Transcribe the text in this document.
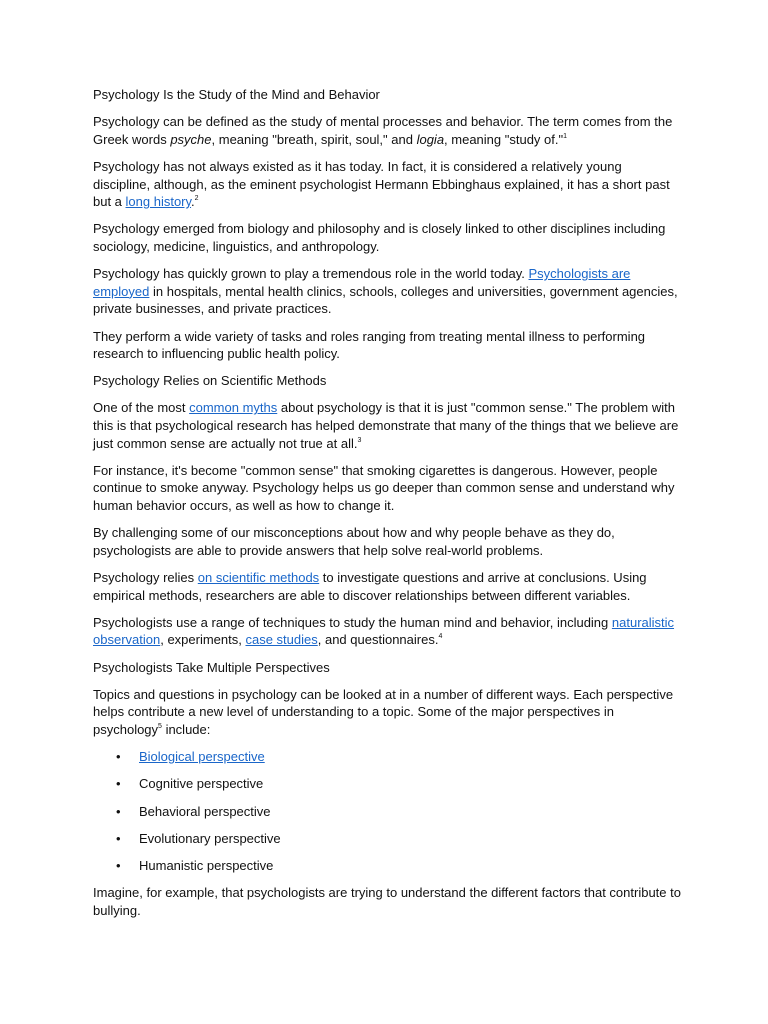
Psychology Is the Study of the Mind and Behavior

Psychology can be defined as the study of mental processes and behavior. The term comes from the Greek words psyche, meaning "breath, spirit, soul," and logia, meaning "study of."$^1$

Psychology has not always existed as it has today. In fact, it is considered a relatively young discipline, although, as the eminent psychologist Hermann Ebbinghaus explained, it has a short past but a long history.$^2$

Psychology emerged from biology and philosophy and is closely linked to other disciplines including sociology, medicine, linguistics, and anthropology.

Psychology has quickly grown to play a tremendous role in the world today. Psychologists are employed in hospitals, mental health clinics, schools, colleges and universities, government agencies, private businesses, and private practices.

They perform a wide variety of tasks and roles ranging from treating mental illness to performing research to influencing public health policy.

Psychology Relies on Scientific Methods

One of the most common myths about psychology is that it is just "common sense." The problem with this is that psychological research has helped demonstrate that many of the things that we believe are just common sense are actually not true at all.$^3$

For instance, it's become "common sense" that smoking cigarettes is dangerous. However, people continue to smoke anyway. Psychology helps us go deeper than common sense and understand why human behavior occurs, as well as how to change it.

By challenging some of our misconceptions about how and why people behave as they do, psychologists are able to provide answers that help solve real-world problems.

Psychology relies on scientific methods to investigate questions and arrive at conclusions. Using empirical methods, researchers are able to discover relationships between different variables.

Psychologists use a range of techniques to study the human mind and behavior, including naturalistic observation, experiments, case studies, and questionnaires.$^4$

Psychologists Take Multiple Perspectives

Topics and questions in psychology can be looked at in a number of different ways. Each perspective helps contribute a new level of understanding to a topic. Some of the major perspectives in psychology$^5$ include:

• Biological perspective
• Cognitive perspective
• Behavioral perspective
• Evolutionary perspective
• Humanistic perspective

Imagine, for example, that psychologists are trying to understand the different factors that contribute to bullying.
